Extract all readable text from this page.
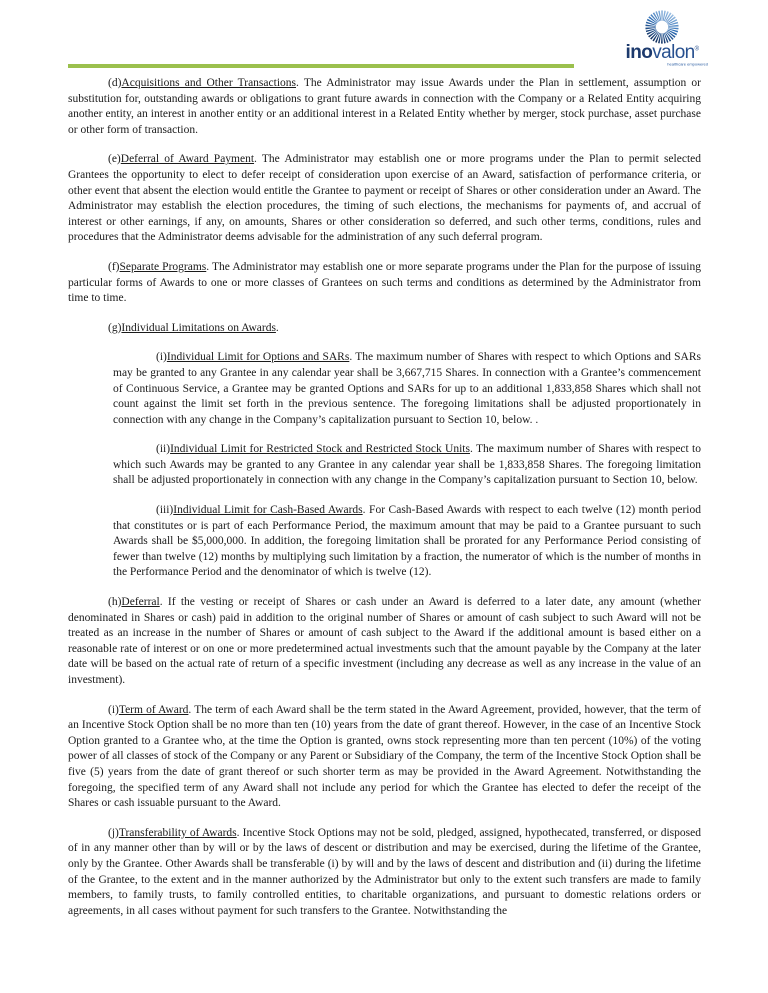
inovalon®
healthcare empowered

(d)Acquisitions and Other Transactions. The Administrator may issue Awards under the Plan in settlement, assumption or substitution for, outstanding awards or obligations to grant future awards in connection with the Company or a Related Entity acquiring another entity, an interest in another entity or an additional interest in a Related Entity whether by merger, stock purchase, asset purchase or other form of transaction.

(e)Deferral of Award Payment. The Administrator may establish one or more programs under the Plan to permit selected Grantees the opportunity to elect to defer receipt of consideration upon exercise of an Award, satisfaction of performance criteria, or other event that absent the election would entitle the Grantee to payment or receipt of Shares or other consideration under an Award. The Administrator may establish the election procedures, the timing of such elections, the mechanisms for payments of, and accrual of interest or other earnings, if any, on amounts, Shares or other consideration so deferred, and such other terms, conditions, rules and procedures that the Administrator deems advisable for the administration of any such deferral program.

(f)Separate Programs. The Administrator may establish one or more separate programs under the Plan for the purpose of issuing particular forms of Awards to one or more classes of Grantees on such terms and conditions as determined by the Administrator from time to time.

(g)Individual Limitations on Awards.

(i)Individual Limit for Options and SARs. The maximum number of Shares with respect to which Options and SARs may be granted to any Grantee in any calendar year shall be 3,667,715 Shares. In connection with a Grantee’s commencement of Continuous Service, a Grantee may be granted Options and SARs for up to an additional 1,833,858 Shares which shall not count against the limit set forth in the previous sentence. The foregoing limitations shall be adjusted proportionately in connection with any change in the Company’s capitalization pursuant to Section 10, below. .

(ii)Individual Limit for Restricted Stock and Restricted Stock Units. The maximum number of Shares with respect to which such Awards may be granted to any Grantee in any calendar year shall be 1,833,858 Shares. The foregoing limitation shall be adjusted proportionately in connection with any change in the Company’s capitalization pursuant to Section 10, below.

(iii)Individual Limit for Cash-Based Awards. For Cash-Based Awards with respect to each twelve (12) month period that constitutes or is part of each Performance Period, the maximum amount that may be paid to a Grantee pursuant to such Awards shall be $5,000,000. In addition, the foregoing limitation shall be prorated for any Performance Period consisting of fewer than twelve (12) months by multiplying such limitation by a fraction, the numerator of which is the number of months in the Performance Period and the denominator of which is twelve (12).

(h)Deferral. If the vesting or receipt of Shares or cash under an Award is deferred to a later date, any amount (whether denominated in Shares or cash) paid in addition to the original number of Shares or amount of cash subject to such Award will not be treated as an increase in the number of Shares or amount of cash subject to the Award if the additional amount is based either on a reasonable rate of interest or on one or more predetermined actual investments such that the amount payable by the Company at the later date will be based on the actual rate of return of a specific investment (including any decrease as well as any increase in the value of an investment).

(i)Term of Award. The term of each Award shall be the term stated in the Award Agreement, provided, however, that the term of an Incentive Stock Option shall be no more than ten (10) years from the date of grant thereof. However, in the case of an Incentive Stock Option granted to a Grantee who, at the time the Option is granted, owns stock representing more than ten percent (10%) of the voting power of all classes of stock of the Company or any Parent or Subsidiary of the Company, the term of the Incentive Stock Option shall be five (5) years from the date of grant thereof or such shorter term as may be provided in the Award Agreement. Notwithstanding the foregoing, the specified term of any Award shall not include any period for which the Grantee has elected to defer the receipt of the Shares or cash issuable pursuant to the Award.

(j)Transferability of Awards. Incentive Stock Options may not be sold, pledged, assigned, hypothecated, transferred, or disposed of in any manner other than by will or by the laws of descent or distribution and may be exercised, during the lifetime of the Grantee, only by the Grantee. Other Awards shall be transferable (i) by will and by the laws of descent and distribution and (ii) during the lifetime of the Grantee, to the extent and in the manner authorized by the Administrator but only to the extent such transfers are made to family members, to family trusts, to family controlled entities, to charitable organizations, and pursuant to domestic relations orders or agreements, in all cases without payment for such transfers to the Grantee. Notwithstanding the
